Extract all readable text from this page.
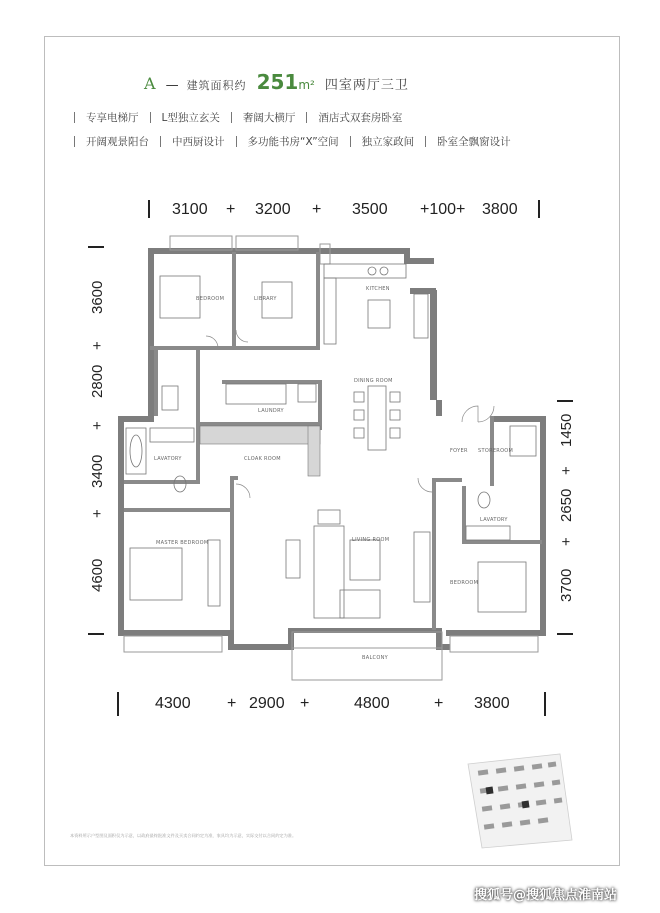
A — 建筑面积约 251 m² 四室两厅三卫
专享电梯厅 L型独立玄关 奢阔大横厅 酒店式双套房卧室
开阔观景阳台 中西厨设计 多功能书房“X”空间 独立家政间 卧室全飘窗设计
3100 + 3200 + 3500 +100+ 3800
4300 + 2900 +	4800	+ 3800
3600
+
2800
+
3400
+
4600
1450
+
2650
+
3700
BEDROOM	LIBRARY
KITCHEN
DINING ROOM
LAUNDRY
LAVATORY	CLOAK ROOM
FOYER STOREROOM
MASTER BEDROOM	LIVING ROOM
LAVATORY
BEDROOM
BALCONY
本资料所示户型图及面积仅为示意，以政府最终批准文件及买卖合同约定为准，家具均为示意，实际交付以合同约定为准。
搜狐号@搜狐焦点淮南站
